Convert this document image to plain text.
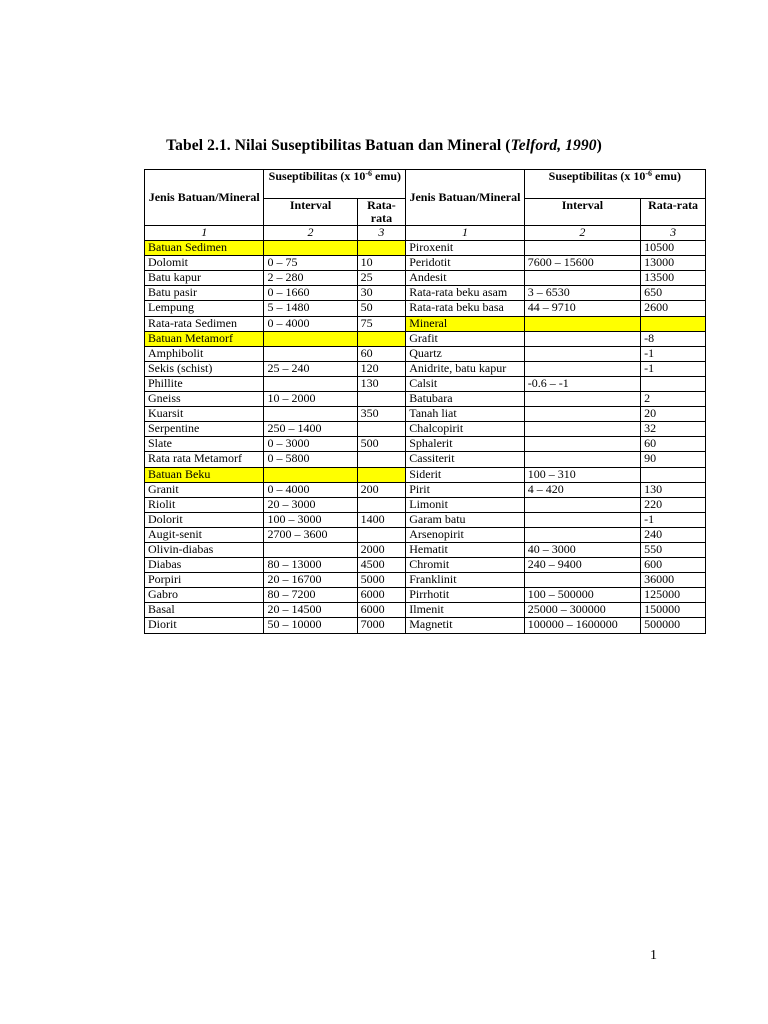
Tabel 2.1. Nilai Suseptibilitas Batuan dan Mineral (Telford, 1990)
Jenis Batuan/Mineral	Suseptibilitas (x $10^{-6}$ emu)		Jenis Batuan/Mineral	Suseptibilitas (x $10^{-6}$ emu)	
	Interval	Rata-rata		Interval	Rata-rata
1	2	3	1	2	3
Batuan Sedimen			Piroxenit		10500
Dolomit	0 – 75	10	Peridotit	7600 – 15600	13000
Batu kapur	2 – 280	25	Andesit		13500
Batu pasir	0 – 1660	30	Rata-rata beku asam	3 – 6530	650
Lempung	5 – 1480	50	Rata-rata beku basa	44 – 9710	2600
Rata-rata Sedimen	0 – 4000	75	Mineral		
Batuan Metamorf			Grafit		-8
Amphibolit		60	Quartz		-1
Sekis (schist)	25 – 240	120	Anidrite, batu kapur		-1
Phillite		130	Calsit	-0.6 – -1	
Gneiss	10 – 2000		Batubara		2
Kuarsit		350	Tanah liat		20
Serpentine	250 – 1400		Chalcopirit		32
Slate	0 – 3000	500	Sphalerit		60
Rata rata Metamorf	0 – 5800		Cassiterit		90
Batuan Beku			Siderit	100 – 310	
Granit	0 – 4000	200	Pirit	4 – 420	130
Riolit	20 – 3000		Limonit		220
Dolorit	100 – 3000	1400	Garam batu		-1
Augit-senit	2700 – 3600		Arsenopirit		240
Olivin-diabas		2000	Hematit	40 – 3000	550
Diabas	80 – 13000	4500	Chromit	240 – 9400	600
Porpiri	20 – 16700	5000	Franklinit		36000
Gabro	80 – 7200	6000	Pirrhotit	100 – 500000	125000
Basal	20 – 14500	6000	Ilmenit	25000 – 300000	150000
Diorit	50 – 10000	7000	Magnetit	100000 – 1600000	500000
1
